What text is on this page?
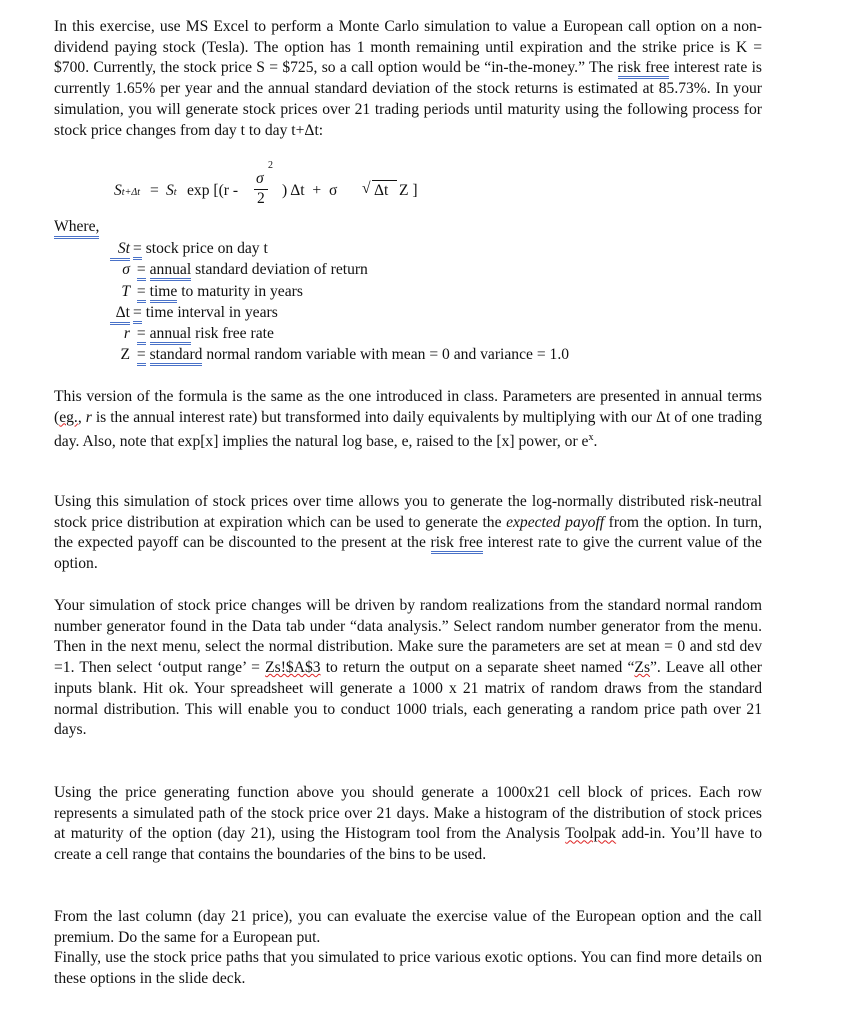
In this exercise, use MS Excel to perform a Monte Carlo simulation to value a European call option on a non-dividend paying stock (Tesla). The option has 1 month remaining until expiration and the strike price is K = $700. Currently, the stock price S = $725, so a call option would be “in-the-money.” The risk free interest rate is currently 1.65% per year and the annual standard deviation of the stock returns is estimated at 85.73%. In your simulation, you will generate stock prices over 21 trading periods until maturity using the following process for stock price changes from day t to day t+Δt:

St+Δt = St exp [(r -
σ
2
2 ) Δt  +  σ √ Δt Z ]
Where,
St = stock price on day t
σ = annual standard deviation of return
T = time to maturity in years
Δt = time interval in years
r = annual risk free rate
Z = standard normal random variable with mean = 0 and variance = 1.0

This version of the formula is the same as the one introduced in class. Parameters are presented in annual terms (eg., r is the annual interest rate) but transformed into daily equivalents by multiplying with our Δt of one trading day. Also, note that exp[x] implies the natural log base, e, raised to the [x] power, or $e^x$.

Using this simulation of stock prices over time allows you to generate the log-normally distributed risk-neutral stock price distribution at expiration which can be used to generate the expected payoff from the option. In turn, the expected payoff can be discounted to the present at the risk free interest rate to give the current value of the option.

Your simulation of stock price changes will be driven by random realizations from the standard normal random number generator found in the Data tab under “data analysis.” Select random number generator from the menu. Then in the next menu, select the normal distribution. Make sure the parameters are set at mean = 0 and std dev =1. Then select ‘output range’ = Zs!$A$3 to return the output on a separate sheet named “Zs”. Leave all other inputs blank. Hit ok. Your spreadsheet will generate a 1000 x 21 matrix of random draws from the standard normal distribution. This will enable you to conduct 1000 trials, each generating a random price path over 21 days.

Using the price generating function above you should generate a 1000x21 cell block of prices. Each row represents a simulated path of the stock price over 21 days. Make a histogram of the distribution of stock prices at maturity of the option (day 21), using the Histogram tool from the Analysis Toolpak add-in. You’ll have to create a cell range that contains the boundaries of the bins to be used.

From the last column (day 21 price), you can evaluate the exercise value of the European option and the call premium. Do the same for a European put.
Finally, use the stock price paths that you simulated to price various exotic options. You can find more details on these options in the slide deck.
